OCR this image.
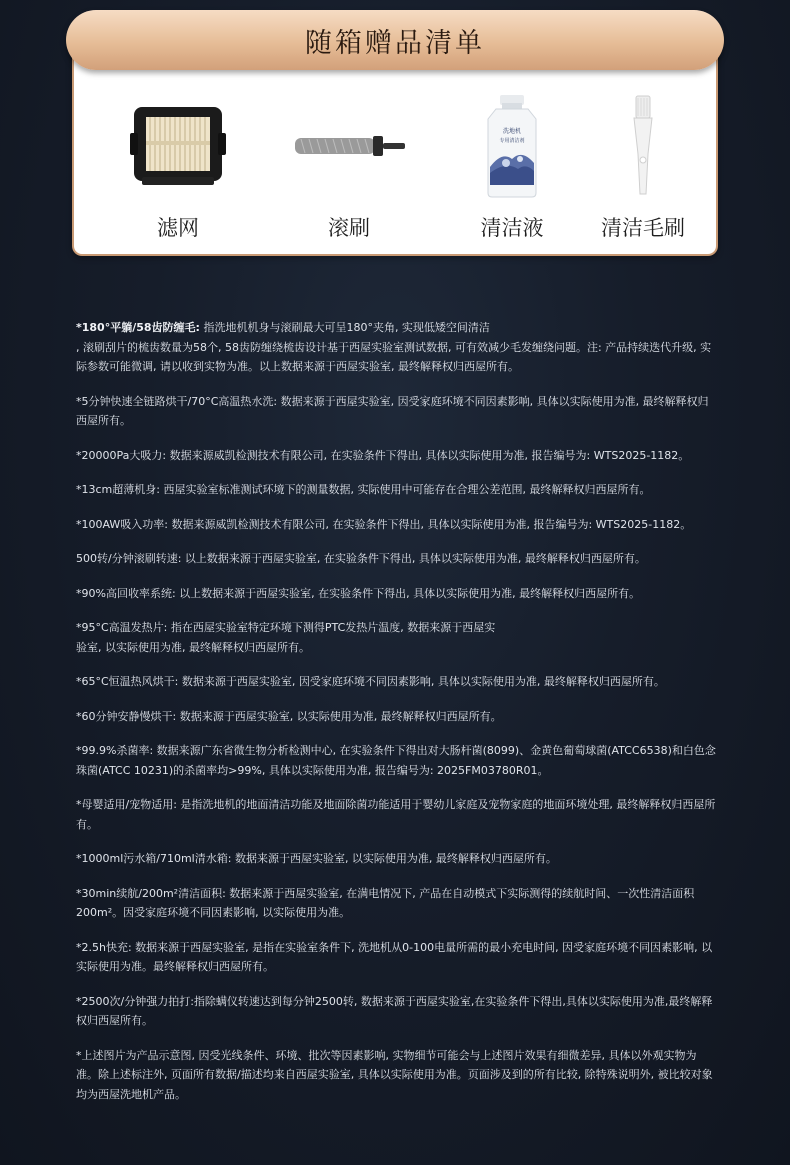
滤网	滚刷
洗地机
专用清洁剂
清洁液	清洁毛刷
随箱赠品清单
*180°平躺/58齿防缠毛: 指洗地机机身与滚刷最大可呈180°夹角, 实现低矮空间清洁
, 滚刷刮片的梳齿数量为58个, 58齿防缠绕梳齿设计基于西屋实验室测试数据, 可有效减少毛发缠绕问题。注: 产品持续迭代升级, 实际参数可能微调, 请以收到实物为准。以上数据来源于西屋实验室, 最终解释权归西屋所有。
*5分钟快速全链路烘干/70°C高温热水洗: 数据来源于西屋实验室, 因受家庭环境不同因素影响, 具体以实际使用为准, 最终解释权归西屋所有。
*20000Pa大吸力: 数据来源威凯检测技术有限公司, 在实验条件下得出, 具体以实际使用为准, 报告编号为: WTS2025-1182。
*13cm超薄机身: 西屋实验室标准测试环境下的测量数据, 实际使用中可能存在合理公差范围, 最终解释权归西屋所有。
*100AW吸入功率: 数据来源威凯检测技术有限公司, 在实验条件下得出, 具体以实际使用为准, 报告编号为: WTS2025-1182。
500转/分钟滚刷转速: 以上数据来源于西屋实验室, 在实验条件下得出, 具体以实际使用为准, 最终解释权归西屋所有。
*90%高回收率系统: 以上数据来源于西屋实验室, 在实验条件下得出, 具体以实际使用为准, 最终解释权归西屋所有。
*95°C高温发热片: 指在西屋实验室特定环境下测得PTC发热片温度, 数据来源于西屋实
验室, 以实际使用为准, 最终解释权归西屋所有。
*65°C恒温热风烘干: 数据来源于西屋实验室, 因受家庭环境不同因素影响, 具体以实际使用为准, 最终解释权归西屋所有。
*60分钟安静慢烘干: 数据来源于西屋实验室, 以实际使用为准, 最终解释权归西屋所有。
*99.9%杀菌率: 数据来源广东省微生物分析检测中心, 在实验条件下得出对大肠杆菌(8099)、金黄色葡萄球菌(ATCC6538)和白色念珠菌(ATCC 10231)的杀菌率均>99%, 具体以实际使用为准, 报告编号为: 2025FM03780R01。
*母婴适用/宠物适用: 是指洗地机的地面清洁功能及地面除菌功能适用于婴幼儿家庭及宠物家庭的地面环境处理, 最终解释权归西屋所有。
*1000ml污水箱/710ml清水箱: 数据来源于西屋实验室, 以实际使用为准, 最终解释权归西屋所有。
*30min续航/200m²清洁面积: 数据来源于西屋实验室, 在满电情况下, 产品在自动模式下实际测得的续航时间、一次性清洁面积200m²。因受家庭环境不同因素影响, 以实际使用为准。
*2.5h快充: 数据来源于西屋实验室, 是指在实验室条件下, 洗地机从0-100电量所需的最小充电时间, 因受家庭环境不同因素影响, 以实际使用为准。最终解释权归西屋所有。
*2500次/分钟强力拍打:指除螨仪转速达到每分钟2500转, 数据来源于西屋实验室,在实验条件下得出,具体以实际使用为准,最终解释权归西屋所有。
*上述图片为产品示意图, 因受光线条件、环境、批次等因素影响, 实物细节可能会与上述图片效果有细微差异, 具体以外观实物为准。除上述标注外, 页面所有数据/描述均来自西屋实验室, 具体以实际使用为准。页面涉及到的所有比较, 除特殊说明外, 被比较对象均为西屋洗地机产品。
